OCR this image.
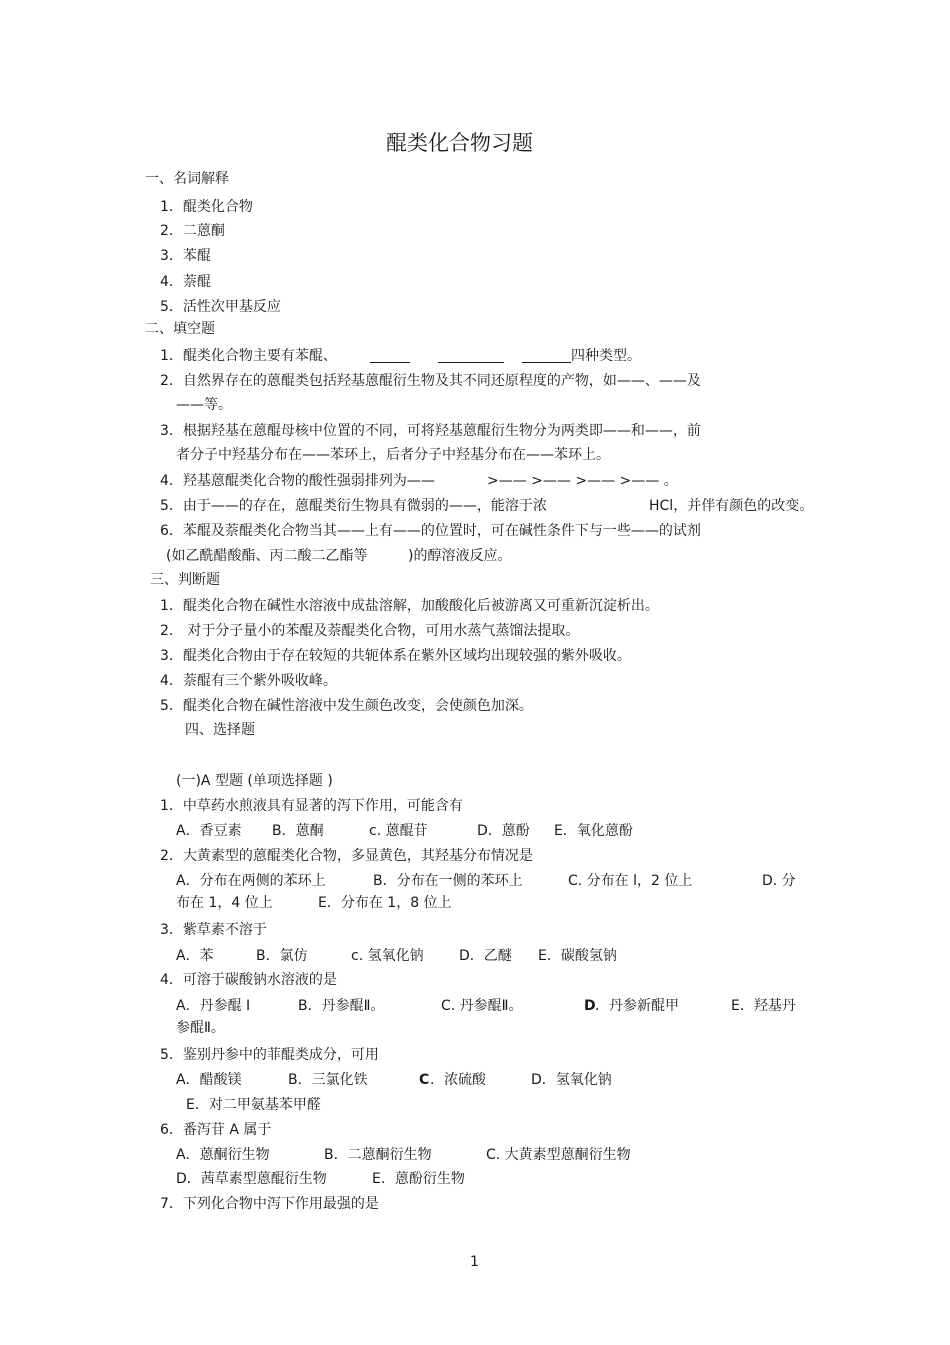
醌类化合物习题
一、名词解释
1．醌类化合物
2．二蒽酮
3．苯醌
4．萘醌
5．活性次甲基反应
二、填空题
1．醌类化合物主要有苯醌、	四种类型。
2．自然界存在的蒽醌类包括羟基蒽醌衍生物及其不同还原程度的产物，如——、——及
——等。
3．根据羟基在蒽醌母核中位置的不同，可将羟基蒽醌衍生物分为两类即——和——，前
者分子中羟基分布在——苯环上，后者分子中羟基分布在——苯环上。
4．羟基蒽醌类化合物的酸性强弱排列为——	>—— >—— >—— >—— 。
5．由于——的存在，蒽醌类衍生物具有微弱的——，能溶于浓	HCl，并伴有颜色的改变。
6．苯醌及萘醌类化合物当其——上有——的位置时，可在碱性条件下与一些——的试剂
(如乙酰醋酸酯、丙二酸二乙酯等	)的醇溶液反应。
三、判断题
1．醌类化合物在碱性水溶液中成盐溶解，加酸酸化后被游离又可重新沉淀析出。
2． 对于分子量小的苯醌及萘醌类化合物，可用水蒸气蒸馏法提取。
3．醌类化合物由于存在较短的共轭体系在紫外区域均出现较强的紫外吸收。
4．萘醌有三个紫外吸收峰。
5．醌类化合物在碱性溶液中发生颜色改变，会使颜色加深。
四、选择题
(一)A 型题 (单项选择题 )
1．中草药水煎液具有显著的泻下作用，可能含有
A．香豆素 B．蒽酮	c. 蒽醌苷	D．蒽酚 E．氧化蒽酚
2．大黄素型的蒽醌类化合物，多显黄色，其羟基分布情况是
A．分布在两侧的苯环上	B．分布在一侧的苯环上	C. 分布在 l，2 位上	D. 分
布在 1，4 位上	E．分布在 1，8 位上
3．紫草素不溶于
A．苯	B．氯仿	c. 氢氧化钠	D．乙醚 E．碳酸氢钠
4．可溶于碳酸钠水溶液的是
A．丹参醌 I	B．丹参醌Ⅱ。	C. 丹参醌Ⅱ。	D ．丹参新醌甲	E．羟基丹
参醌Ⅱ。
5．鉴别丹参中的菲醌类成分，可用
A．醋酸镁	B．三氯化铁	C ．浓硫酸	D．氢氧化钠
E．对二甲氨基苯甲醛
6．番泻苷 A 属于
A．蒽酮衍生物	B．二蒽酮衍生物	C. 大黄素型蒽酮衍生物
D．茜草素型蒽醌衍生物	E．蒽酚衍生物
7．下列化合物中泻下作用最强的是
1
